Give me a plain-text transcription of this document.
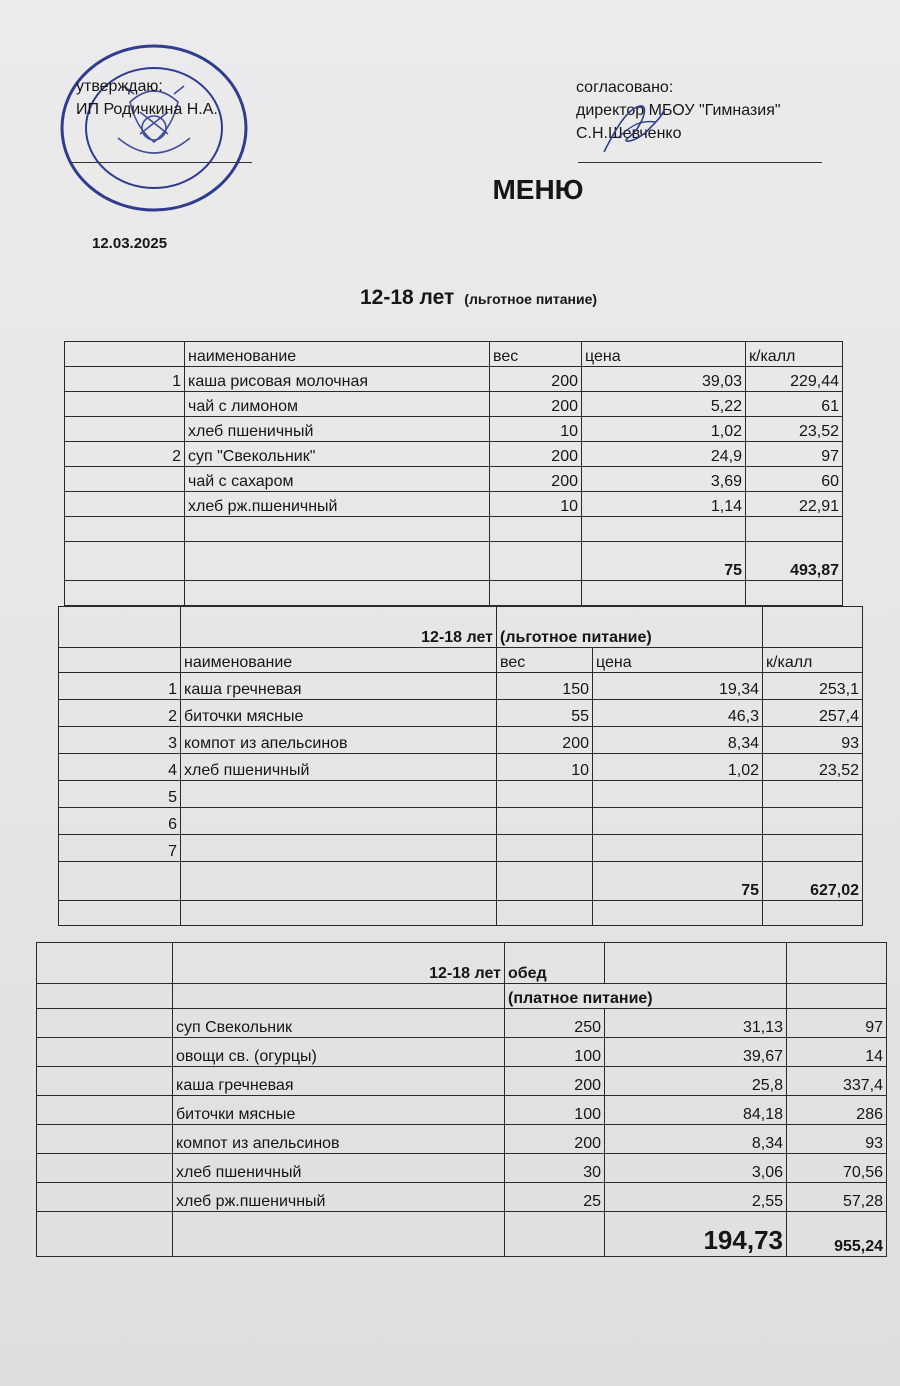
утверждаю:
ИП Родичкина Н.А.
согласовано:
директор МБОУ "Гимназия"
С.Н.Шевченко
МЕНЮ
12.03.2025
12-18 лет (льготное питание)
	наименование	вес	цена	к/калл
1	каша рисовая молочная	200	39,03	229,44
	чай с лимоном	200	5,22	61
	хлеб пшеничный	10	1,02	23,52
2	суп "Свекольник"	200	24,9	97
	чай с сахаром	200	3,69	60
	хлеб рж.пшеничный	10	1,14	22,91

			75	493,87

	12-18 лет	(льготное питание)		
	наименование	вес	цена	к/калл
1	каша гречневая	150	19,34	253,1
2	биточки мясные	55	46,3	257,4
3	компот из апельсинов	200	8,34	93
4	хлеб пшеничный	10	1,02	23,52
5				
6				
7				
			75	627,02

	12-18 лет	обед		
		(платное питание)		
	суп Свекольник	250	31,13	97
	овощи св. (огурцы)	100	39,67	14
	каша гречневая	200	25,8	337,4
	биточки мясные	100	84,18	286
	компот из апельсинов	200	8,34	93
	хлеб пшеничный	30	3,06	70,56
	хлеб рж.пшеничный	25	2,55	57,28
			194,73	955,24
